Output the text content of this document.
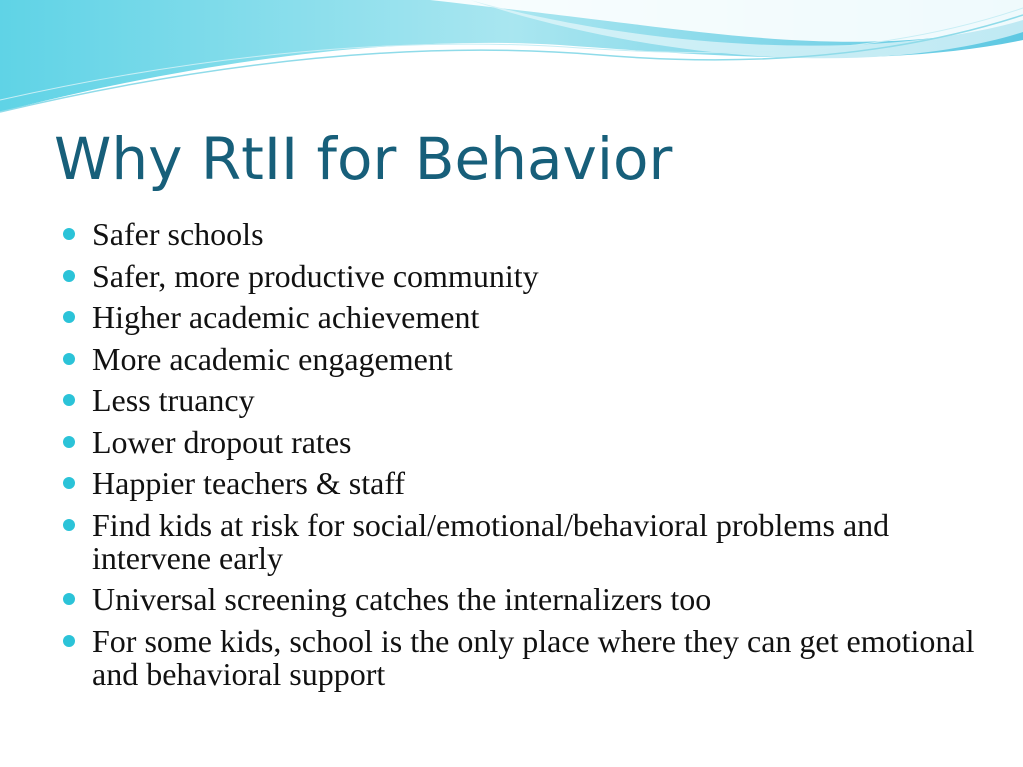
Why RtII for Behavior
Safer schools
Safer, more productive community
Higher academic achievement
More academic engagement
Less truancy
Lower dropout rates
Happier teachers & staff
Find kids at risk for social/emotional/behavioral problems and intervene early
Universal screening catches the internalizers too
For some kids, school is the only place where they can get emotional and behavioral support
